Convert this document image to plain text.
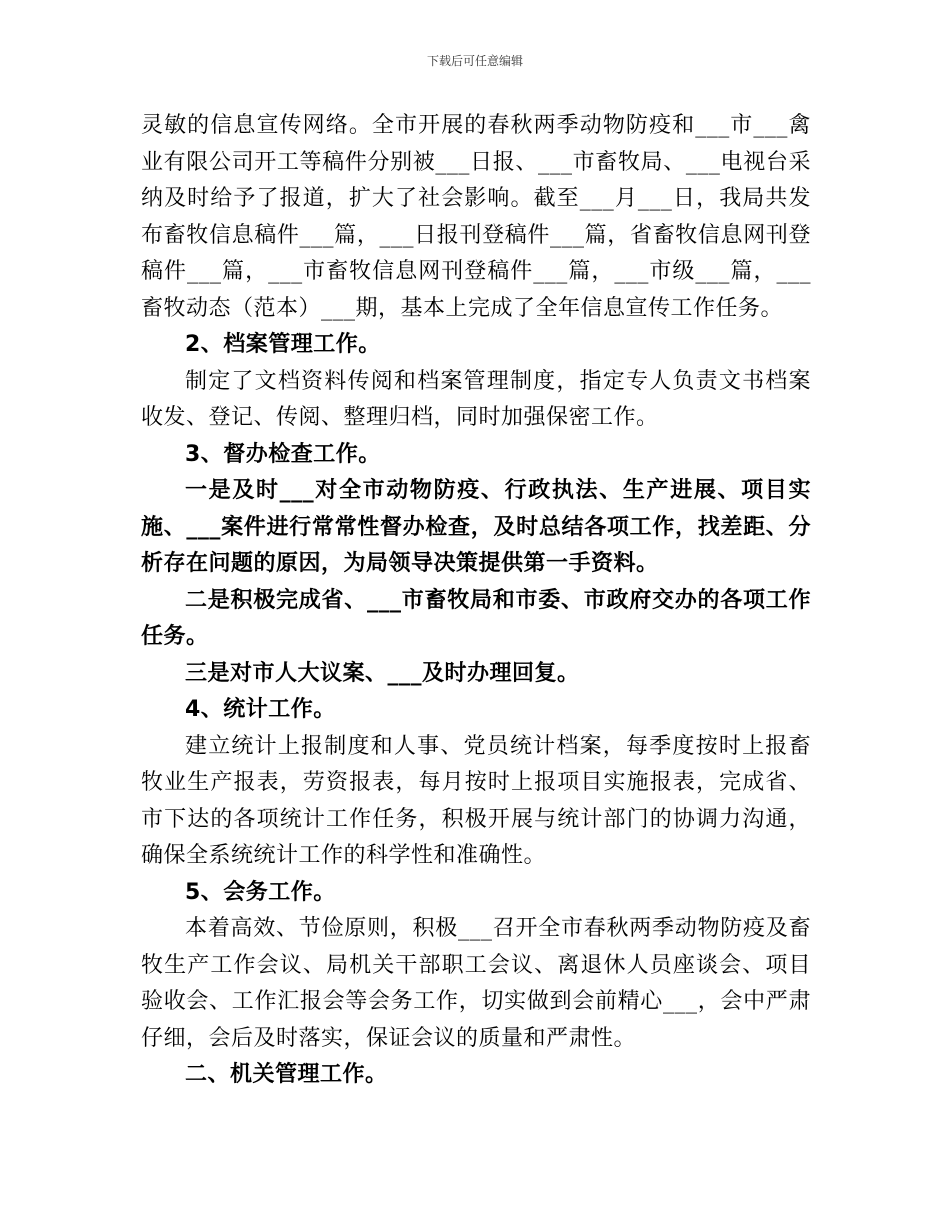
下载后可任意编辑

灵敏的信息宣传网络。全市开展的春秋两季动物防疫和___市___禽业有限公司开工等稿件分别被___日报、___市畜牧局、___电视台采纳及时给予了报道，扩大了社会影响。截至___月___日，我局共发布畜牧信息稿件___篇，___日报刊登稿件___篇，省畜牧信息网刊登稿件___篇，___市畜牧信息网刊登稿件___篇，___市级___篇，___畜牧动态（范本）___期，基本上完成了全年信息宣传工作任务。

2、档案管理工作。

制定了文档资料传阅和档案管理制度，指定专人负责文书档案收发、登记、传阅、整理归档，同时加强保密工作。

3、督办检查工作。

一是及时___对全市动物防疫、行政执法、生产进展、项目实施、___案件进行常常性督办检查，及时总结各项工作，找差距、分析存在问题的原因，为局领导决策提供第一手资料。

二是积极完成省、___市畜牧局和市委、市政府交办的各项工作任务。

三是对市人大议案、___及时办理回复。

4、统计工作。

建立统计上报制度和人事、党员统计档案，每季度按时上报畜牧业生产报表，劳资报表，每月按时上报项目实施报表，完成省、市下达的各项统计工作任务，积极开展与统计部门的协调力沟通，确保全系统统计工作的科学性和准确性。

5、会务工作。

本着高效、节俭原则，积极___召开全市春秋两季动物防疫及畜牧生产工作会议、局机关干部职工会议、离退休人员座谈会、项目验收会、工作汇报会等会务工作，切实做到会前精心___，会中严肃仔细，会后及时落实，保证会议的质量和严肃性。

二、机关管理工作。
